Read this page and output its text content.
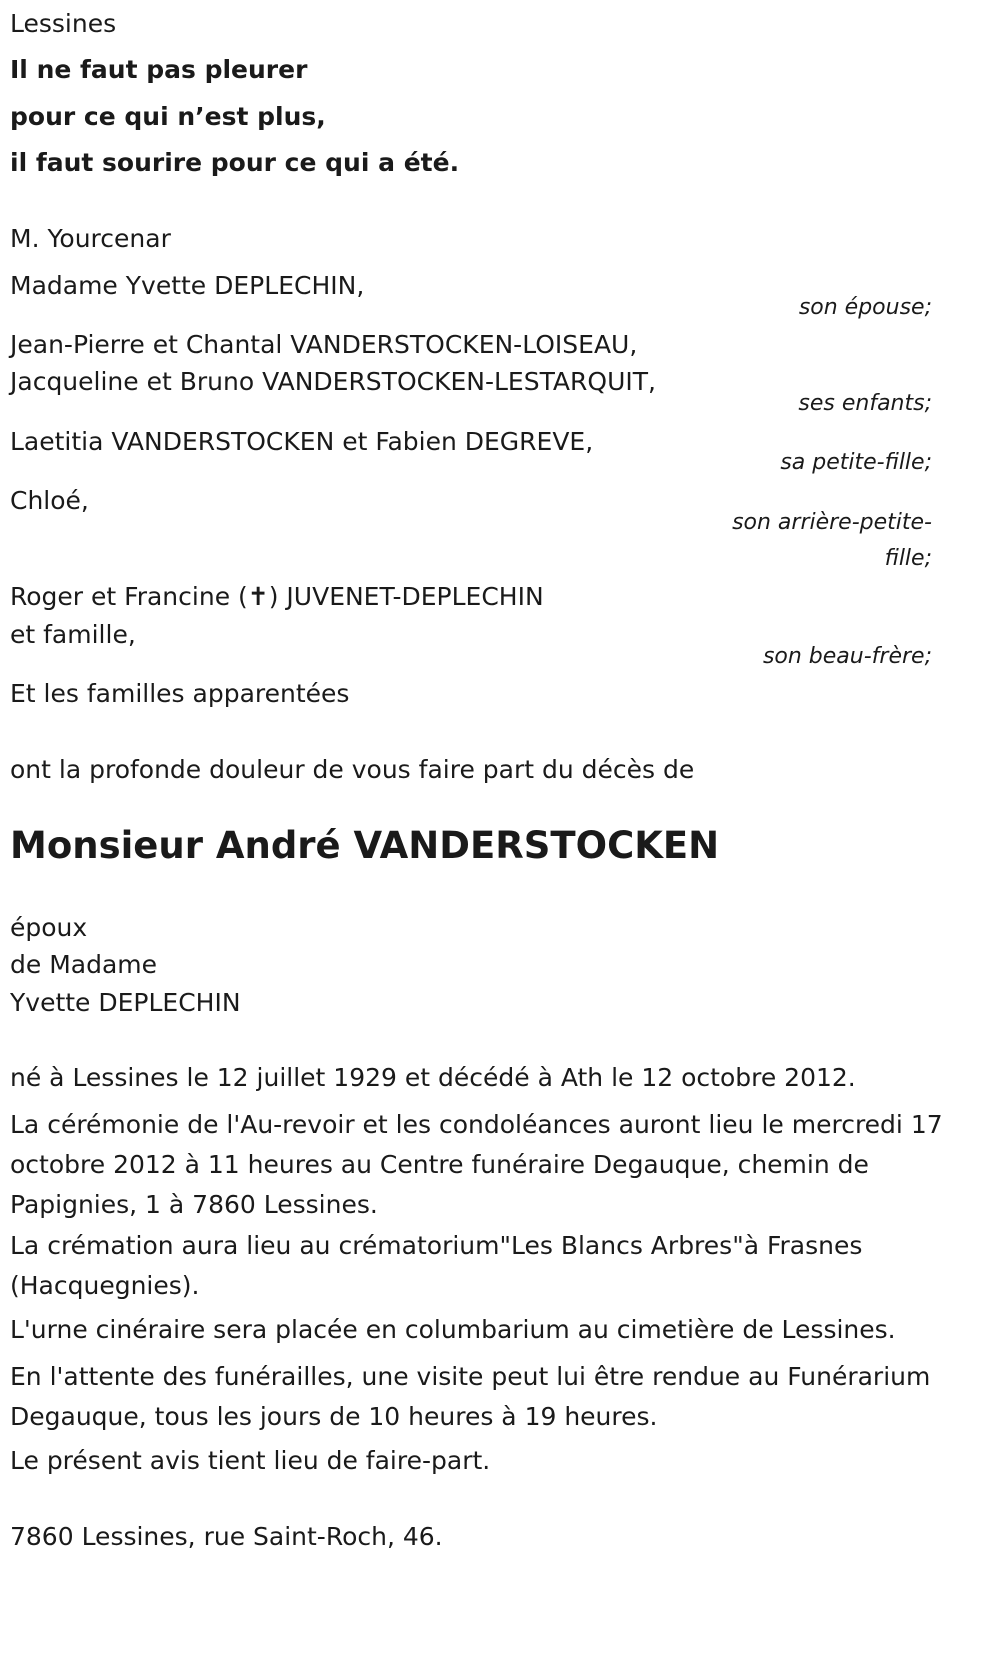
Lessines
Il ne faut pas pleurer
pour ce qui n’est plus,
il faut sourire pour ce qui a été.
M. Yourcenar
Madame Yvette DEPLECHIN,
son épouse;
Jean-Pierre et Chantal VANDERSTOCKEN-LOISEAU,
Jacqueline et Bruno VANDERSTOCKEN-LESTARQUIT,
ses enfants;
Laetitia VANDERSTOCKEN et Fabien DEGREVE,
sa petite-fille;
Chloé,
son arrière-petite-
fille;
Roger et Francine (✝) JUVENET-DEPLECHIN
et famille,
son beau-frère;
Et les familles apparentées
ont la profonde douleur de vous faire part du décès de
Monsieur André VANDERSTOCKEN
époux
de Madame
Yvette DEPLECHIN
né à Lessines le 12 juillet 1929 et décédé à Ath le 12 octobre 2012.
La cérémonie de l'Au-revoir et les condoléances auront lieu le mercredi 17 octobre 2012 à 11 heures au Centre funéraire Degauque, chemin de Papignies, 1 à 7860 Lessines.
La crémation aura lieu au crématorium"Les Blancs Arbres"à Frasnes (Hacquegnies).
L'urne cinéraire sera placée en columbarium au cimetière de Lessines.
En l'attente des funérailles, une visite peut lui être rendue au Funérarium Degauque, tous les jours de 10 heures à 19 heures.
Le présent avis tient lieu de faire-part.
7860 Lessines, rue Saint-Roch, 46.
